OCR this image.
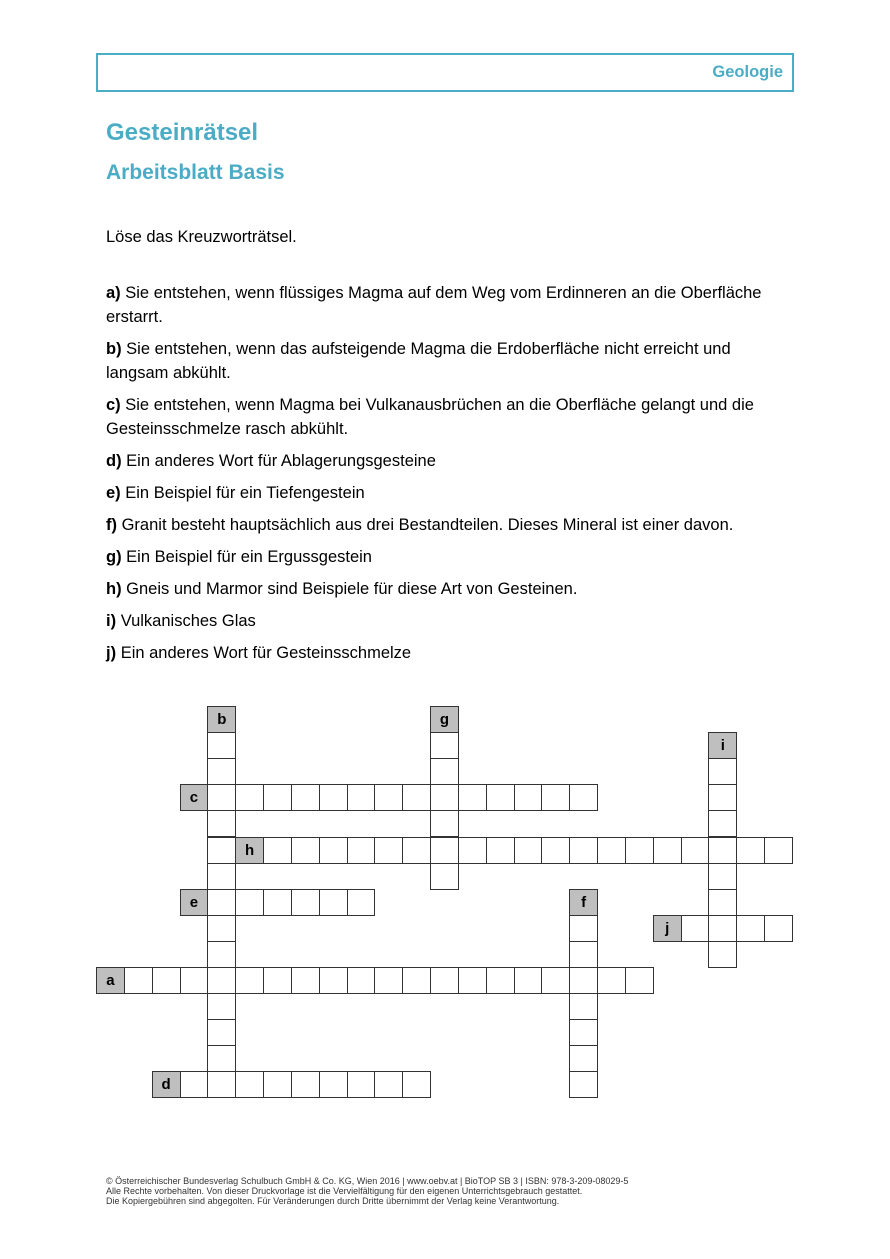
Geologie
Gesteinrätsel
Arbeitsblatt Basis
Löse das Kreuzworträtsel.
a) Sie entstehen, wenn flüssiges Magma auf dem Weg vom Erdinneren an die Oberfläche
erstarrt.
b) Sie entstehen, wenn das aufsteigende Magma die Erdoberfläche nicht erreicht und
langsam abkühlt.
c) Sie entstehen, wenn Magma bei Vulkanausbrüchen an die Oberfläche gelangt und die
Gesteinsschmelze rasch abkühlt.
d) Ein anderes Wort für Ablagerungsgesteine
e) Ein Beispiel für ein Tiefengestein
f) Granit besteht hauptsächlich aus drei Bestandteilen. Dieses Mineral ist einer davon.
g) Ein Beispiel für ein Ergussgestein
h) Gneis und Marmor sind Beispiele für diese Art von Gesteinen.
i) Vulkanisches Glas
j) Ein anderes Wort für Gesteinsschmelze
a
b
c
d
e	f
g
h
i
j
© Österreichischer Bundesverlag Schulbuch GmbH & Co. KG, Wien 2016 | www.oebv.at | BioTOP SB 3 | ISBN: 978-3-209-08029-5
Alle Rechte vorbehalten. Von dieser Druckvorlage ist die Vervielfältigung für den eigenen Unterrichtsgebrauch gestattet.
Die Kopiergebühren sind abgegolten. Für Veränderungen durch Dritte übernimmt der Verlag keine Verantwortung.
